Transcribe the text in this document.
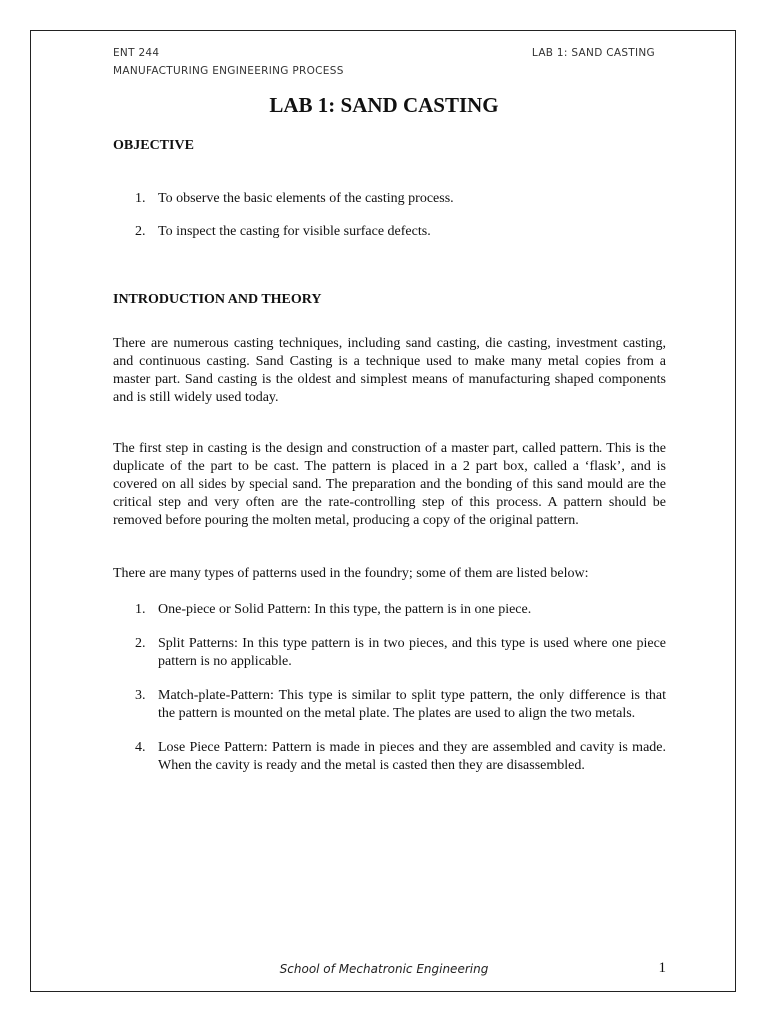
ENT 244
MANUFACTURING ENGINEERING PROCESS
LAB 1: SAND CASTING
LAB 1: SAND CASTING
OBJECTIVE
1. To observe the basic elements of the casting process.
2. To inspect the casting for visible surface defects.
INTRODUCTION AND THEORY
There are numerous casting techniques, including sand casting, die casting, investment casting, and continuous casting. Sand Casting is a technique used to make many metal copies from a master part. Sand casting is the oldest and simplest means of manufacturing shaped components and is still widely used today.
The first step in casting is the design and construction of a master part, called pattern. This is the duplicate of the part to be cast. The pattern is placed in a 2 part box, called a ‘flask’, and is covered on all sides by special sand. The preparation and the bonding of this sand mould are the critical step and very often are the rate-controlling step of this process. A pattern should be removed before pouring the molten metal, producing a copy of the original pattern.
There are many types of patterns used in the foundry; some of them are listed below:
1. One-piece or Solid Pattern: In this type, the pattern is in one piece.
2. Split Patterns: In this type pattern is in two pieces, and this type is used where one piece pattern is no applicable.
3. Match-plate-Pattern: This type is similar to split type pattern, the only difference is that the pattern is mounted on the metal plate. The plates are used to align the two metals.
4. Lose Piece Pattern: Pattern is made in pieces and they are assembled and cavity is made. When the cavity is ready and the metal is casted then they are disassembled.
School of Mechatronic Engineering	1
